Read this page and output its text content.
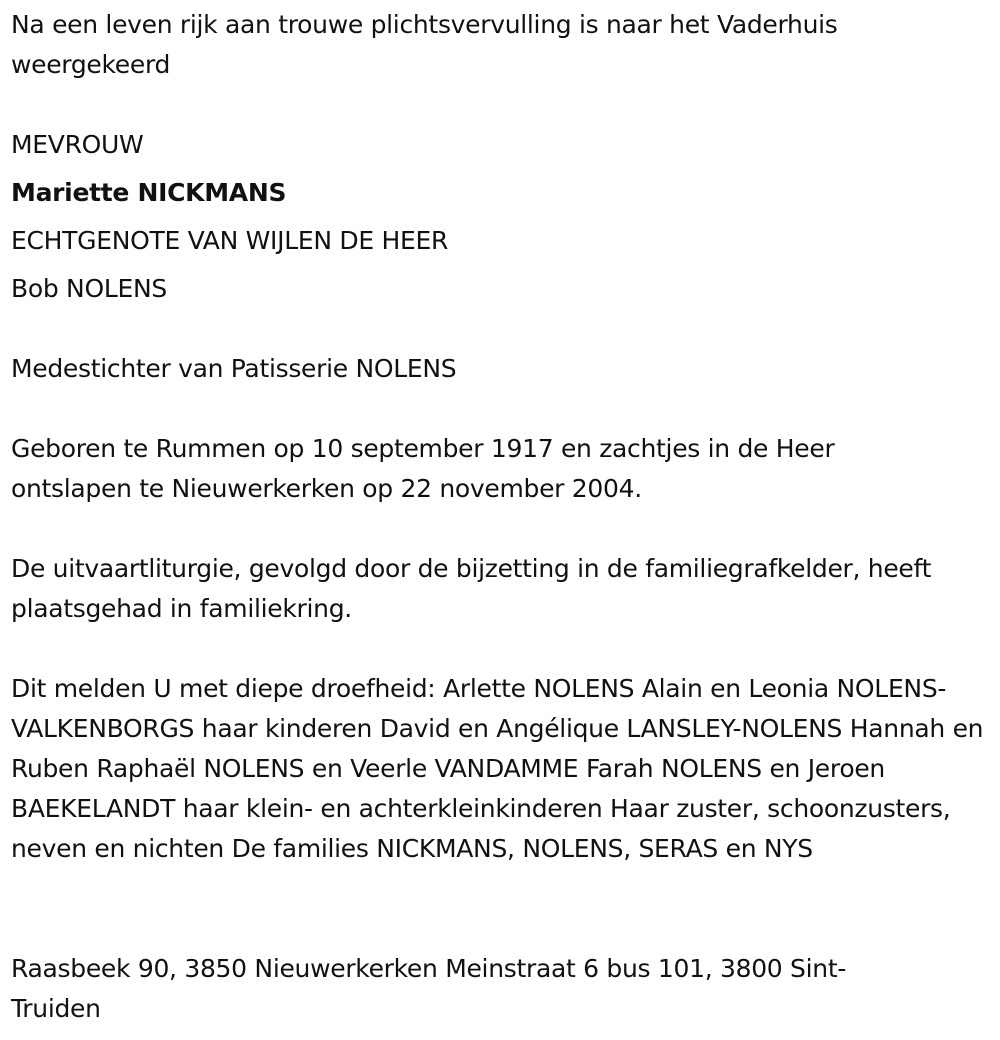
Na een leven rijk aan trouwe plichtsvervulling is naar het Vaderhuis weergekeerd

MEVROUW

Mariette NICKMANS

ECHTGENOTE VAN WIJLEN DE HEER

Bob NOLENS

Medestichter van Patisserie NOLENS

Geboren te Rummen op 10 september 1917 en zachtjes in de Heer ontslapen te Nieuwerkerken op 22 november 2004.

De uitvaartliturgie, gevolgd door de bijzetting in de familiegrafkelder, heeft plaatsgehad in familiekring.

Dit melden U met diepe droefheid: Arlette NOLENS Alain en Leonia NOLENS-VALKENBORGS haar kinderen David en Angélique LANSLEY-NOLENS Hannah en Ruben Raphaël NOLENS en Veerle VANDAMME Farah NOLENS en Jeroen BAEKELANDT haar klein- en achterkleinkinderen Haar zuster, schoonzusters, neven en nichten De families NICKMANS, NOLENS, SERAS en NYS

Raasbeek 90, 3850 Nieuwerkerken Meinstraat 6 bus 101, 3800 Sint-Truiden
